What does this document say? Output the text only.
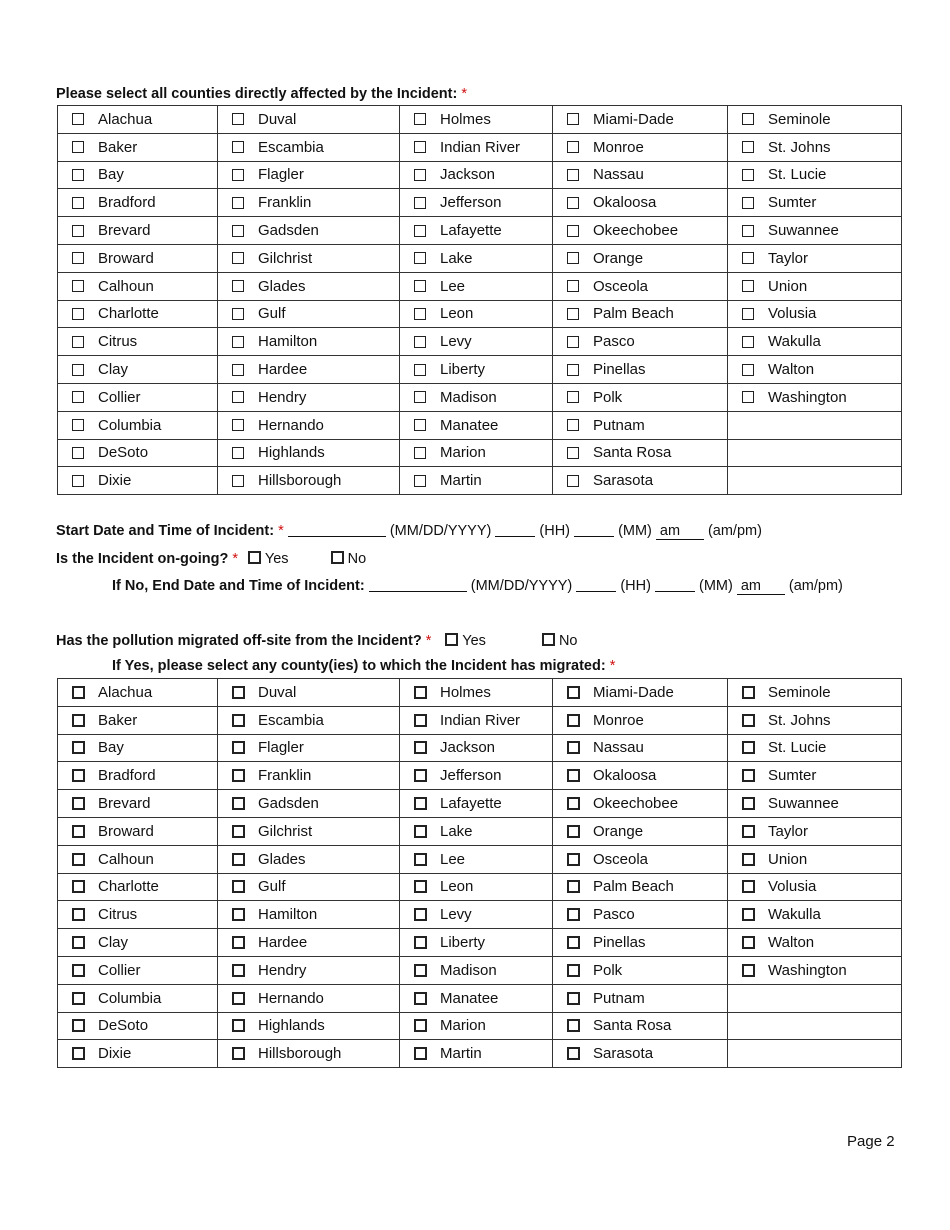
Please select all counties directly affected by the Incident: *
Alachua	Duval	Holmes	Miami-Dade	Seminole

Baker	Escambia	Indian River	Monroe	St. Johns

Bay	Flagler	Jackson	Nassau	St. Lucie

Bradford	Franklin	Jefferson	Okaloosa	Sumter

Brevard	Gadsden	Lafayette	Okeechobee	Suwannee

Broward	Gilchrist	Lake	Orange	Taylor

Calhoun	Glades	Lee	Osceola	Union

Charlotte	Gulf	Leon	Palm Beach	Volusia

Citrus	Hamilton	Levy	Pasco	Wakulla

Clay	Hardee	Liberty	Pinellas	Walton

Collier	Hendry	Madison	Polk	Washington

Columbia	Hernando	Manatee	Putnam	

DeSoto	Highlands	Marion	Santa Rosa	

Dixie	Hillsborough	Martin	Sarasota	

Start Date and Time of Incident: *	(MM/DD/YYYY)	(HH)	(MM) am (am/pm)
Is the Incident on-going? * Yes	No
If No, End Date and Time of Incident:	(MM/DD/YYYY)	(HH)	(MM) am (am/pm)
Has the pollution migrated off-site from the Incident? * Yes	No
If Yes, please select any county(ies) to which the Incident has migrated: *
Alachua	Duval	Holmes	Miami-Dade	Seminole

Baker	Escambia	Indian River	Monroe	St. Johns

Bay	Flagler	Jackson	Nassau	St. Lucie

Bradford	Franklin	Jefferson	Okaloosa	Sumter

Brevard	Gadsden	Lafayette	Okeechobee	Suwannee

Broward	Gilchrist	Lake	Orange	Taylor

Calhoun	Glades	Lee	Osceola	Union

Charlotte	Gulf	Leon	Palm Beach	Volusia

Citrus	Hamilton	Levy	Pasco	Wakulla

Clay	Hardee	Liberty	Pinellas	Walton

Collier	Hendry	Madison	Polk	Washington

Columbia	Hernando	Manatee	Putnam	

DeSoto	Highlands	Marion	Santa Rosa	

Dixie	Hillsborough	Martin	Sarasota	

Page 2
